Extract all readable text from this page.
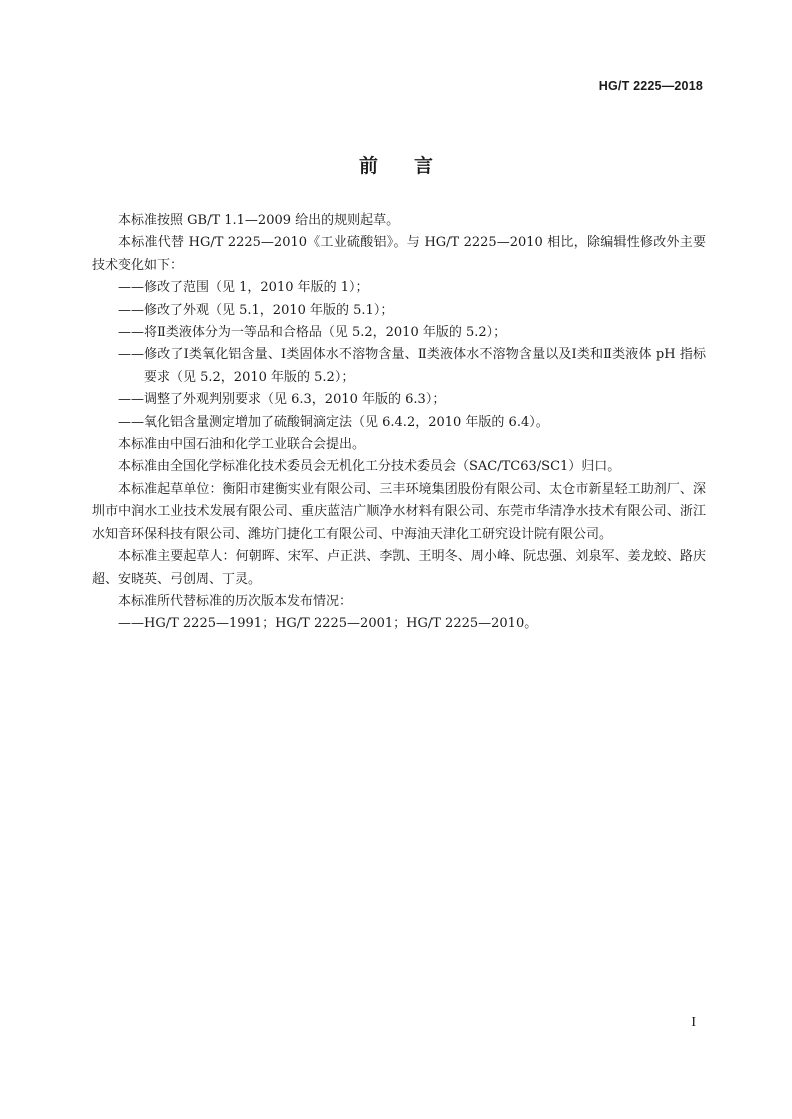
HG/T 2225—2018
前 言

本标准按照 GB/T 1.1—2009 给出的规则起草。

本标准代替 HG/T 2225—2010《工业硫酸铝》。与 HG/T 2225—2010 相比，除编辑性修改外主要技术变化如下：

——修改了范围（见 1，2010 年版的 1）；

——修改了外观（见 5.1，2010 年版的 5.1）；

——将Ⅱ类液体分为一等品和合格品（见 5.2，2010 年版的 5.2）；

——修改了Ⅰ类氧化铝含量、Ⅰ类固体水不溶物含量、Ⅱ类液体水不溶物含量以及Ⅰ类和Ⅱ类液体 pH 指标要求（见 5.2，2010 年版的 5.2）；

——调整了外观判别要求（见 6.3，2010 年版的 6.3）；

——氧化铝含量测定增加了硫酸铜滴定法（见 6.4.2，2010 年版的 6.4）。

本标准由中国石油和化学工业联合会提出。

本标准由全国化学标准化技术委员会无机化工分技术委员会（SAC/TC63/SC1）归口。

本标准起草单位：衡阳市建衡实业有限公司、三丰环境集团股份有限公司、太仓市新星轻工助剂厂、深圳市中润水工业技术发展有限公司、重庆蓝洁广顺净水材料有限公司、东莞市华清净水技术有限公司、浙江水知音环保科技有限公司、潍坊门捷化工有限公司、中海油天津化工研究设计院有限公司。

本标准主要起草人：何朝晖、宋军、卢正洪、李凯、王明冬、周小峰、阮忠强、刘泉军、姜龙蛟、路庆超、安晓英、弓创周、丁灵。

本标准所代替标准的历次版本发布情况：

——HG/T 2225—1991；HG/T 2225—2001；HG/T 2225—2010。

I
